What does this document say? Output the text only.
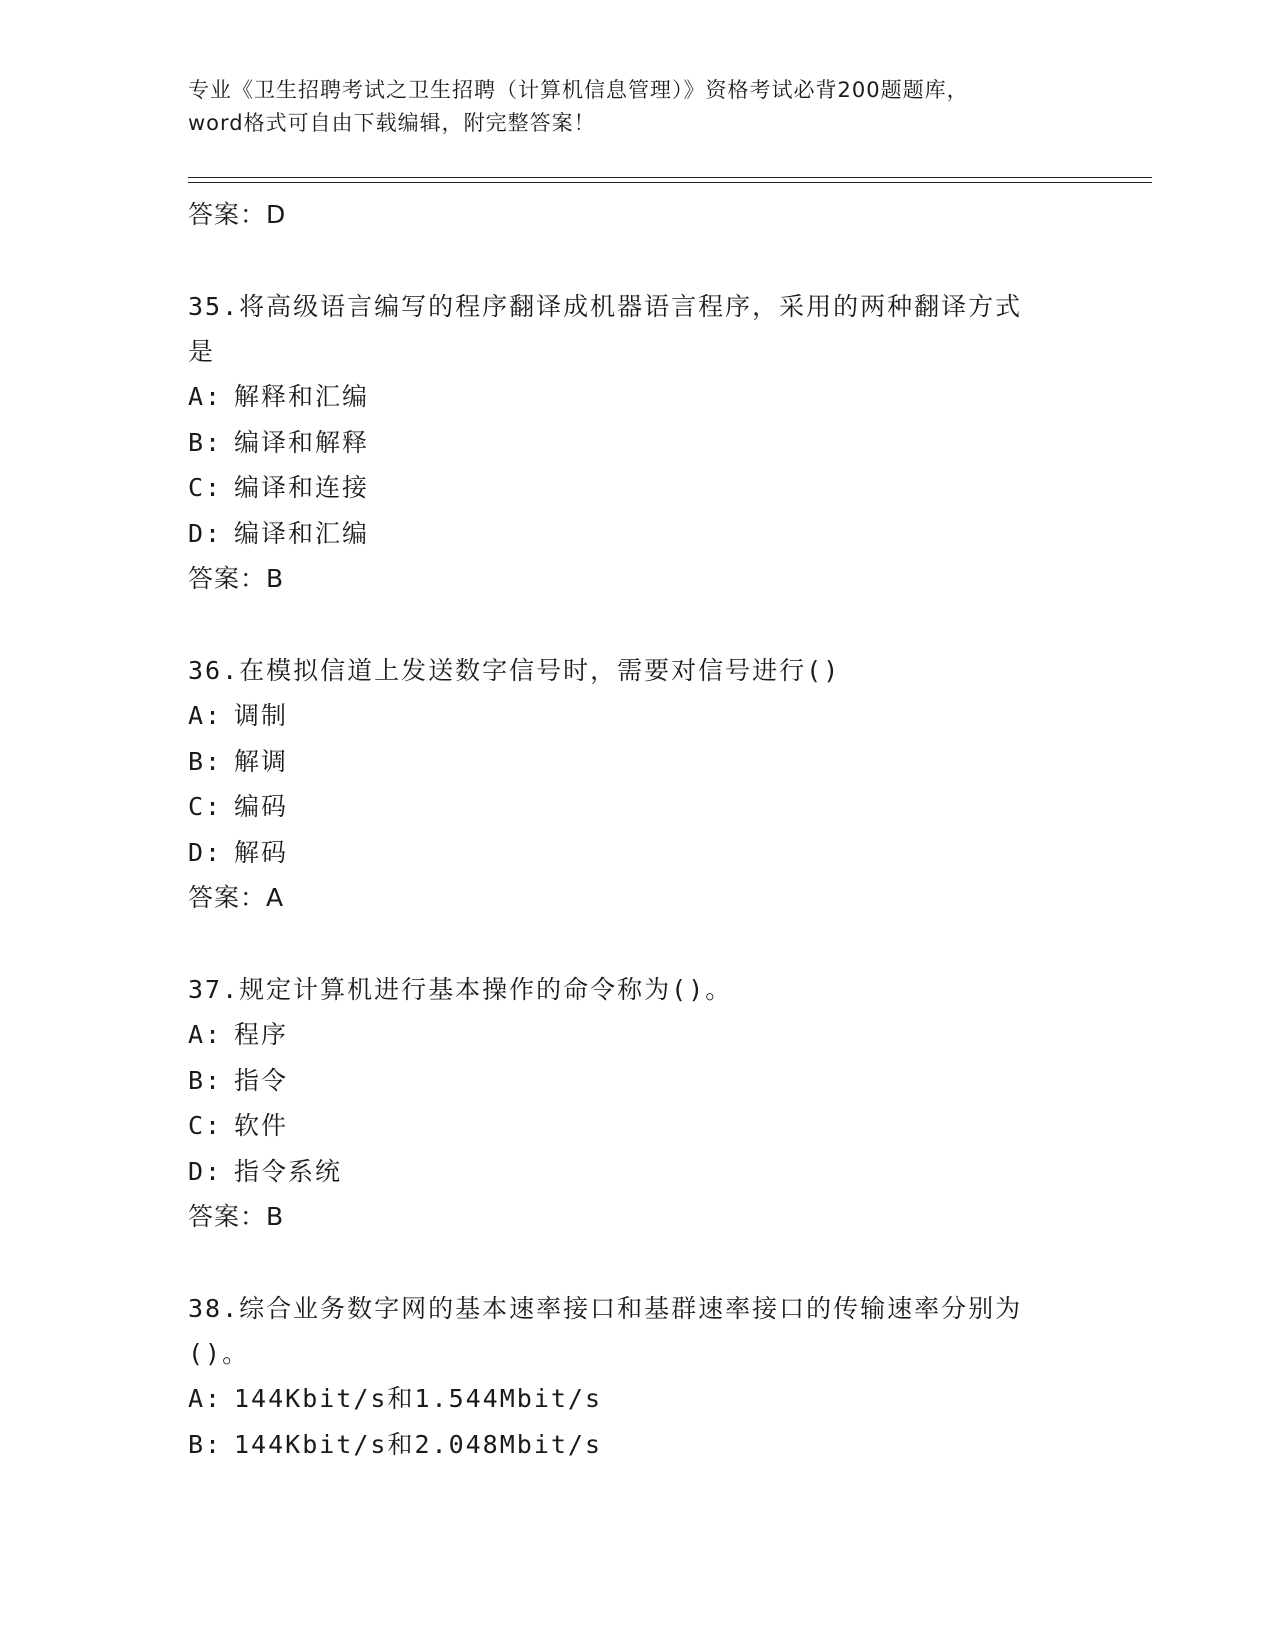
专业《卫生招聘考试之卫生招聘（计算机信息管理）》资格考试必背200题题库，
word格式可自由下载编辑，附完整答案！
答案：D
35.将高级语言编写的程序翻译成机器语言程序，采用的两种翻译方式
是
A: 解释和汇编
B: 编译和解释
C: 编译和连接
D: 编译和汇编
答案：B
36.在模拟信道上发送数字信号时，需要对信号进行()
A: 调制
B: 解调
C: 编码
D: 解码
答案：A
37.规定计算机进行基本操作的命令称为()。
A: 程序
B: 指令
C: 软件
D: 指令系统
答案：B
38.综合业务数字网的基本速率接口和基群速率接口的传输速率分别为
()。
A: 144Kbit/s和1.544Mbit/s
B: 144Kbit/s和2.048Mbit/s
